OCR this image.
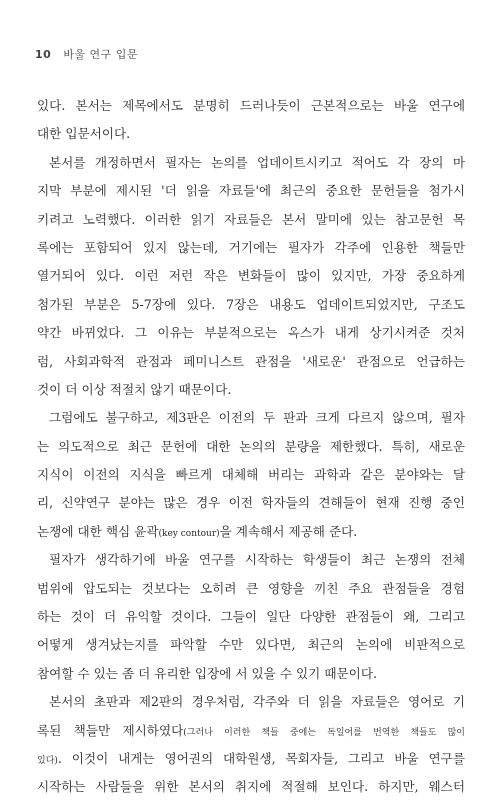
10 바울 연구 입문
있다. 본서는 제목에서도 분명히 드러나듯이 근본적으로는 바울 연구에
대한 입문서이다.
본서를 개정하면서 필자는 논의를 업데이트시키고 적어도 각 장의 마
지막 부분에 제시된 '더 읽을 자료들'에 최근의 중요한 문헌들을 첨가시
키려고 노력했다. 이러한 읽기 자료들은 본서 말미에 있는 참고문헌 목
록에는 포함되어 있지 않는데, 거기에는 필자가 각주에 인용한 책들만
열거되어 있다. 이런 저런 작은 변화들이 많이 있지만, 가장 중요하게
첨가된 부분은 5-7장에 있다. 7장은 내용도 업데이트되었지만, 구조도
약간 바뀌었다. 그 이유는 부분적으로는 옥스가 내게 상기시켜준 것처
럼, 사회과학적 관점과 페미니스트 관점을 '새로운' 관점으로 언급하는
것이 더 이상 적절치 않기 때문이다.
그럼에도 불구하고, 제3판은 이전의 두 판과 크게 다르지 않으며, 필자
는 의도적으로 최근 문헌에 대한 논의의 분량을 제한했다. 특히, 새로운
지식이 이전의 지식을 빠르게 대체해 버리는 과학과 같은 분야와는 달
리, 신약연구 분야는 많은 경우 이전 학자들의 견해들이 현재 진행 중인
논쟁에 대한 핵심 윤곽(key contour)을 계속해서 제공해 준다.
필자가 생각하기에 바울 연구를 시작하는 학생들이 최근 논쟁의 전체
범위에 압도되는 것보다는 오히려 큰 영향을 끼친 주요 관점들을 경험
하는 것이 더 유익할 것이다. 그들이 일단 다양한 관점들이 왜, 그리고
어떻게 생겨났는지를 파악할 수만 있다면, 최근의 논의에 비판적으로
참여할 수 있는 좀 더 유리한 입장에 서 있을 수 있기 때문이다.
본서의 초판과 제2판의 경우처럼, 각주와 더 읽을 자료들은 영어로 기
록된 책들만 제시하였다(그러나 이러한 책들 중에는 독일어를 번역한 책들도 많이
있다). 이것이 내게는 영어권의 대학원생, 목회자들, 그리고 바울 연구를
시작하는 사람들을 위한 본서의 취지에 적절해 보인다. 하지만, 웨스터
